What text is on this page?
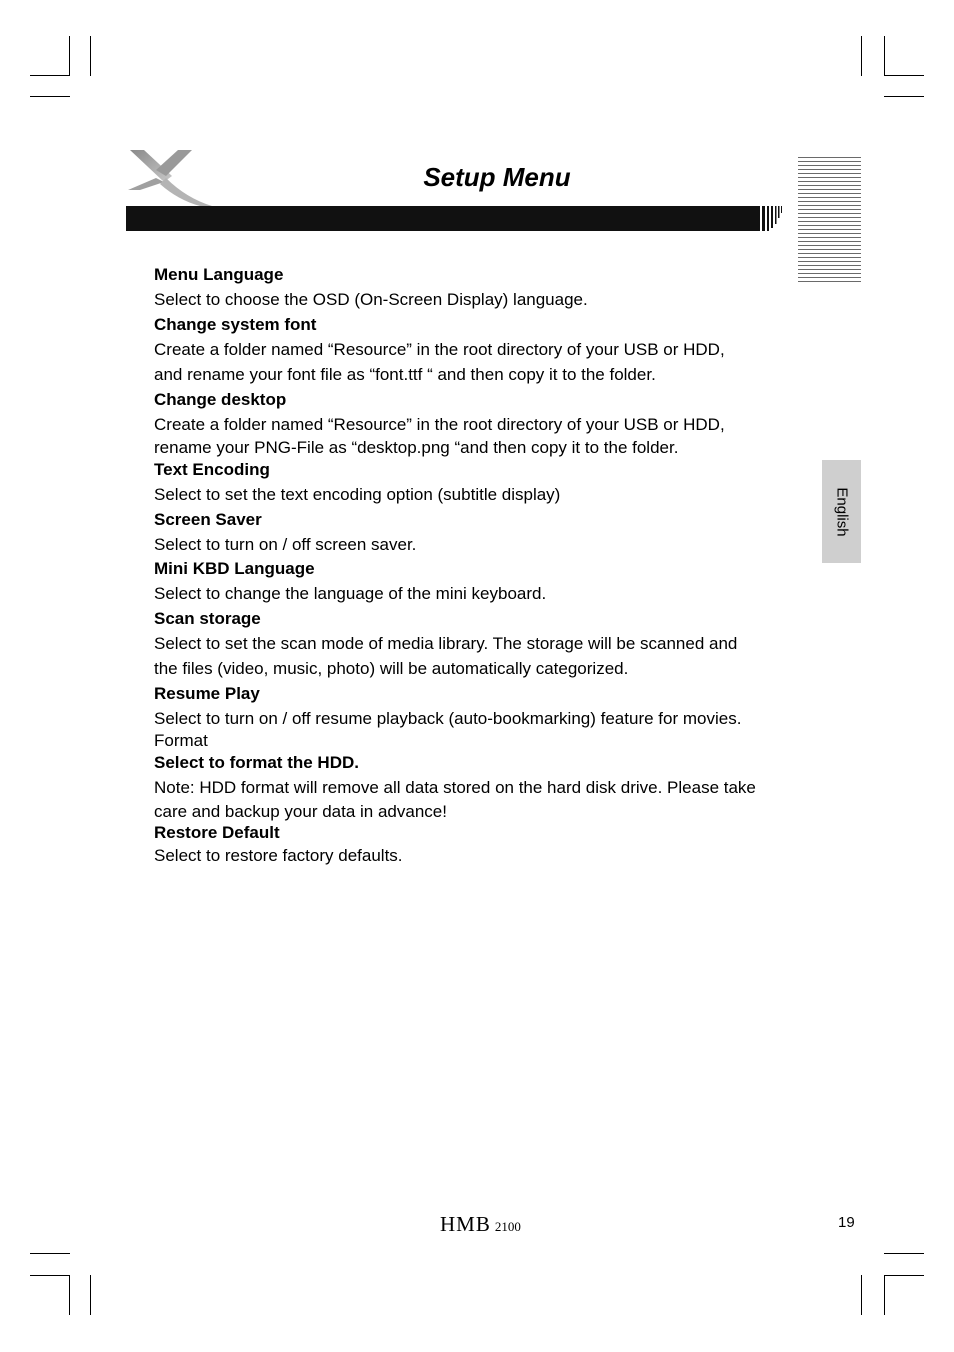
Setup Menu
English
Menu Language
Select to choose the OSD (On-Screen Display) language.
Change system font
Create a folder named “Resource” in the root directory of your USB or HDD,
and rename your font file as “font.ttf “ and then copy it to the folder.
Change desktop
Create a folder named “Resource” in the root directory of your USB or HDD,
rename your PNG-File as “desktop.png “and then copy it to the folder.
Text Encoding
Select to set the text encoding option (subtitle display)
Screen Saver
Select to turn on / off screen saver.
Mini KBD Language
Select to change the language of the mini keyboard.
Scan storage
Select to set the scan mode of media library. The storage will be scanned and
the files (video, music, photo) will be automatically categorized.
Resume Play
Select to turn on / off resume playback (auto-bookmarking) feature for movies.
Format
Select to format the HDD.
Note: HDD format will remove all data stored on the hard disk drive. Please take
care and backup your data in advance!
Restore Default
Select to restore factory defaults.
HMB 2100	19
